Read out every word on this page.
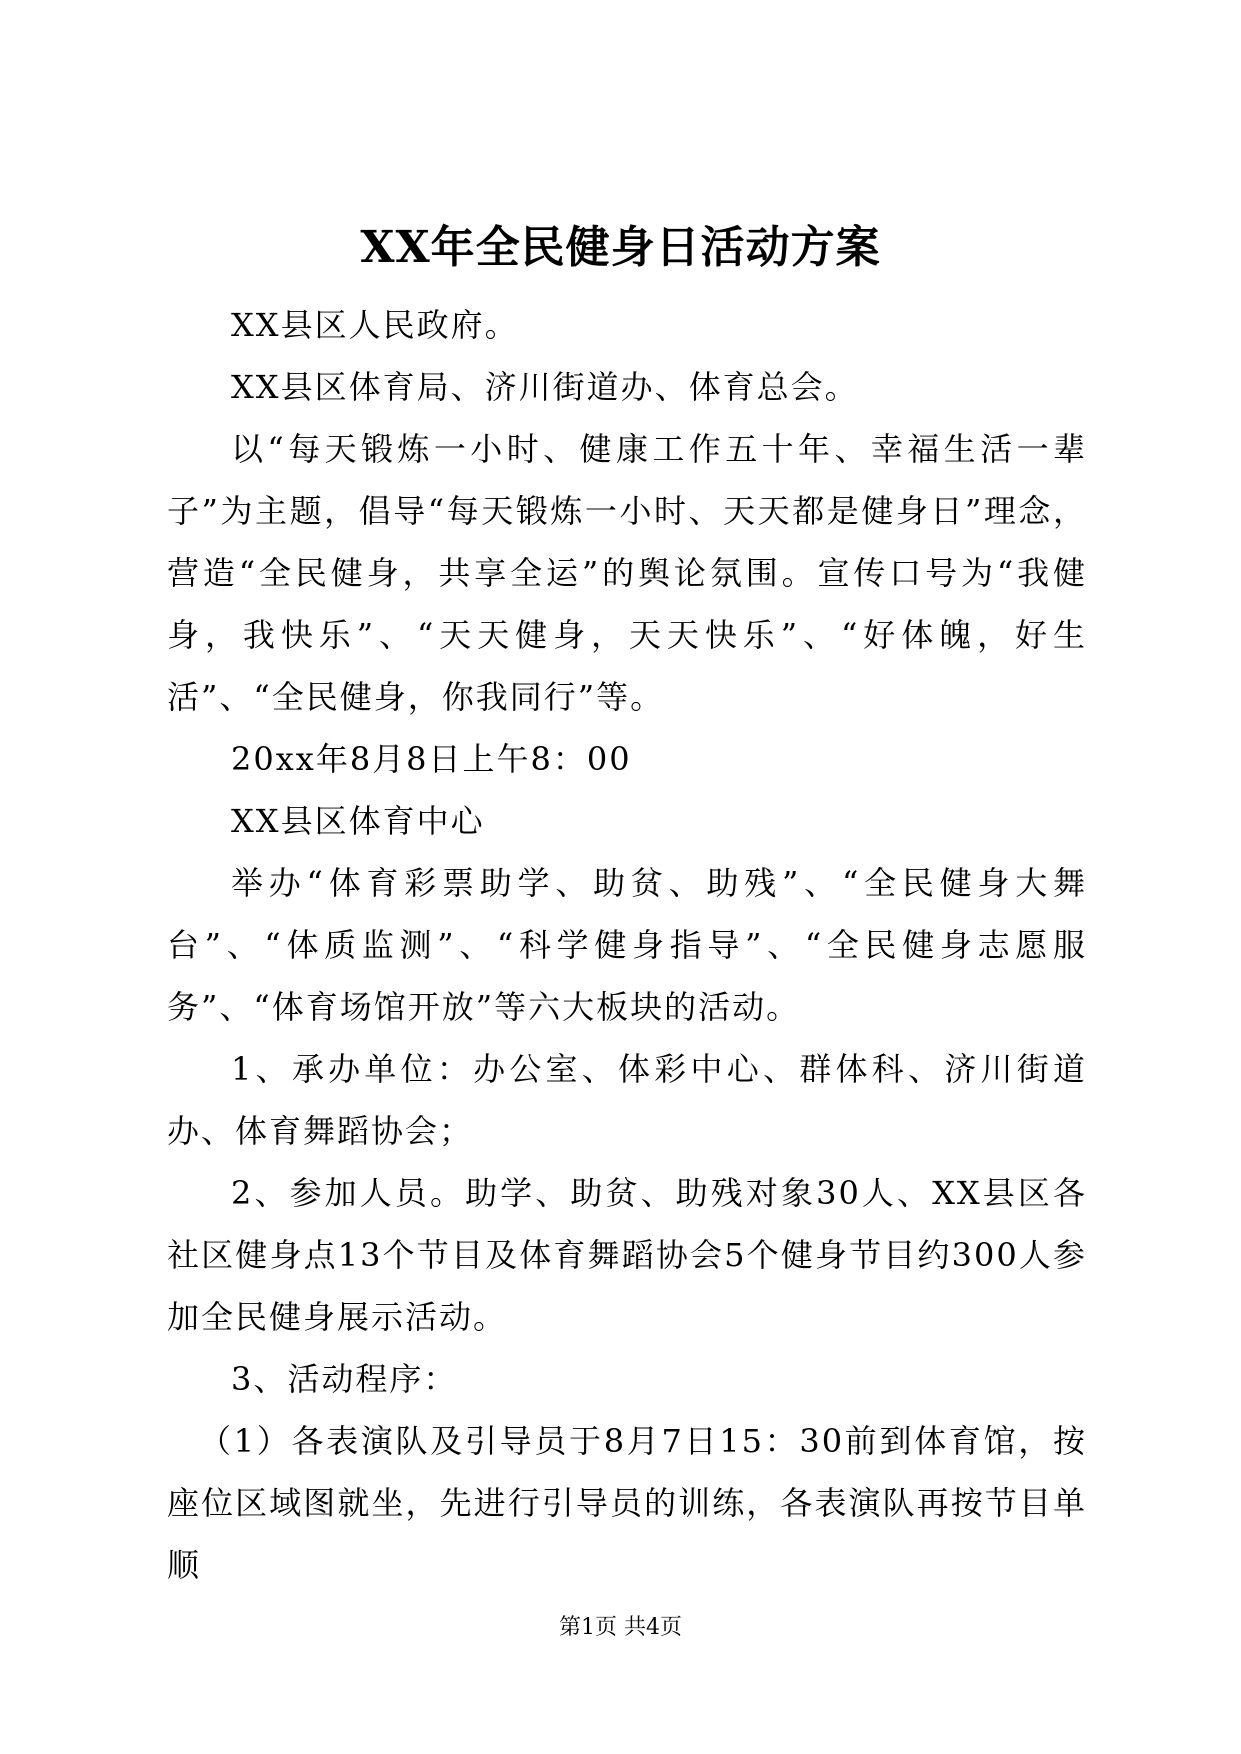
XX年全民健身日活动方案

XX县区人民政府。

XX县区体育局、济川街道办、体育总会。

以“每天锻炼一小时、健康工作五十年、幸福生活一辈子”为主题，倡导“每天锻炼一小时、天天都是健身日”理念，营造“全民健身，共享全运”的舆论氛围。宣传口号为“我健身，我快乐”、“天天健身，天天快乐”、“好体魄，好生活”、“全民健身，你我同行”等。

20xx年8月8日上午8：00

XX县区体育中心

举办“体育彩票助学、助贫、助残”、“全民健身大舞台”、“体质监测”、“科学健身指导”、“全民健身志愿服务”、“体育场馆开放”等六大板块的活动。

1、承办单位：办公室、体彩中心、群体科、济川街道办、体育舞蹈协会；

2、参加人员。助学、助贫、助残对象30人、XX县区各社区健身点13个节目及体育舞蹈协会5个健身节目约300人参加全民健身展示活动。

3、活动程序：

（1）各表演队及引导员于8月7日15：30前到体育馆，按座位区域图就坐，先进行引导员的训练，各表演队再按节目单顺

第1页 共4页
